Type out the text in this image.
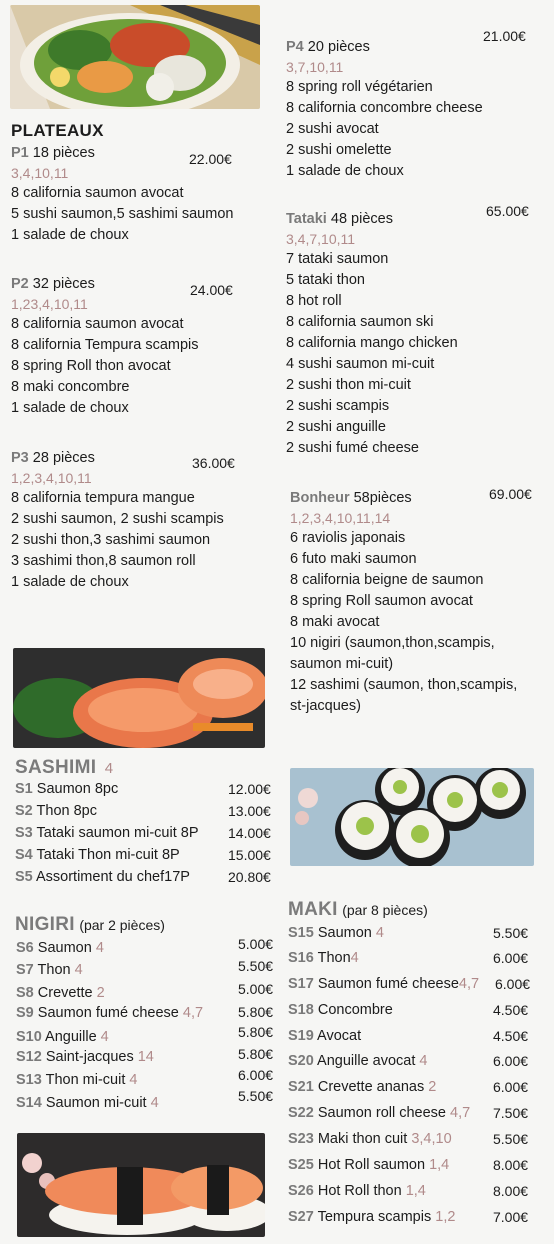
PLATEAUX
P1 18 pièces
3,4,10,11
8 california saumon avocat
5 sushi saumon,5 sashimi saumon
1 salade de choux
22.00€
P2 32 pièces
1,23,4,10,11
8 california saumon avocat
8 california Tempura scampis
8 spring Roll thon avocat
8 maki concombre
1 salade de choux
24.00€
P3 28 pièces
1,2,3,4,10,11
8 california tempura mangue
2 sushi saumon, 2 sushi scampis
2 sushi thon,3 sashimi saumon
3 sashimi thon,8 saumon roll
1 salade de choux
36.00€
P4 20 pièces
3,7,10,11
8 spring roll végétarien
8 california concombre cheese
2 sushi avocat
2 sushi omelette
1 salade de choux
21.00€
Tataki 48 pièces
3,4,7,10,11
7 tataki saumon
5 tataki thon
8 hot roll
8 california saumon ski
8 california mango chicken
4 sushi saumon mi-cuit
2 sushi thon mi-cuit
2 sushi scampis
2 sushi anguille
2 sushi fumé cheese
65.00€
Bonheur 58pièces
1,2,3,4,10,11,14
6 raviolis japonais
6 futo maki saumon
8 california beigne de saumon
8 spring Roll saumon avocat
8 maki avocat
10 nigiri (saumon,thon,scampis,
saumon mi-cuit)
12 sashimi (saumon, thon,scampis,
st-jacques)
69.00€
SASHIMI 4
S1 Saumon 8pc	12.00€
S2 Thon 8pc	13.00€
S3 Tataki saumon mi-cuit 8P 14.00€
S4 Tataki Thon mi-cuit 8P	15.00€
S5 Assortiment du chef17P	20.80€
NIGIRI (par 2 pièces)
S6 Saumon 4	5.00€
S7 Thon 4	5.50€
S8 Crevette 2	5.00€
S9 Saumon fumé cheese 4,7 5.80€
S10 Anguille 4	5.80€
S12 Saint-jacques 14	5.80€
S13 Thon mi-cuit 4	6.00€
S14 Saumon mi-cuit 4	5.50€
MAKI (par 8 pièces)
S15 Saumon 4	5.50€
S16 Thon4	6.00€
S17 Saumon fumé cheese4,7 6.00€
S18 Concombre	4.50€
S19 Avocat	4.50€
S20 Anguille avocat 4	6.00€
S21 Crevette ananas 2	6.00€
S22 Saumon roll cheese 4,7 7.50€
S23 Maki thon cuit 3,4,10	5.50€
S25 Hot Roll saumon 1,4	8.00€
S26 Hot Roll thon 1,4	8.00€
S27 Tempura scampis 1,2	7.00€
